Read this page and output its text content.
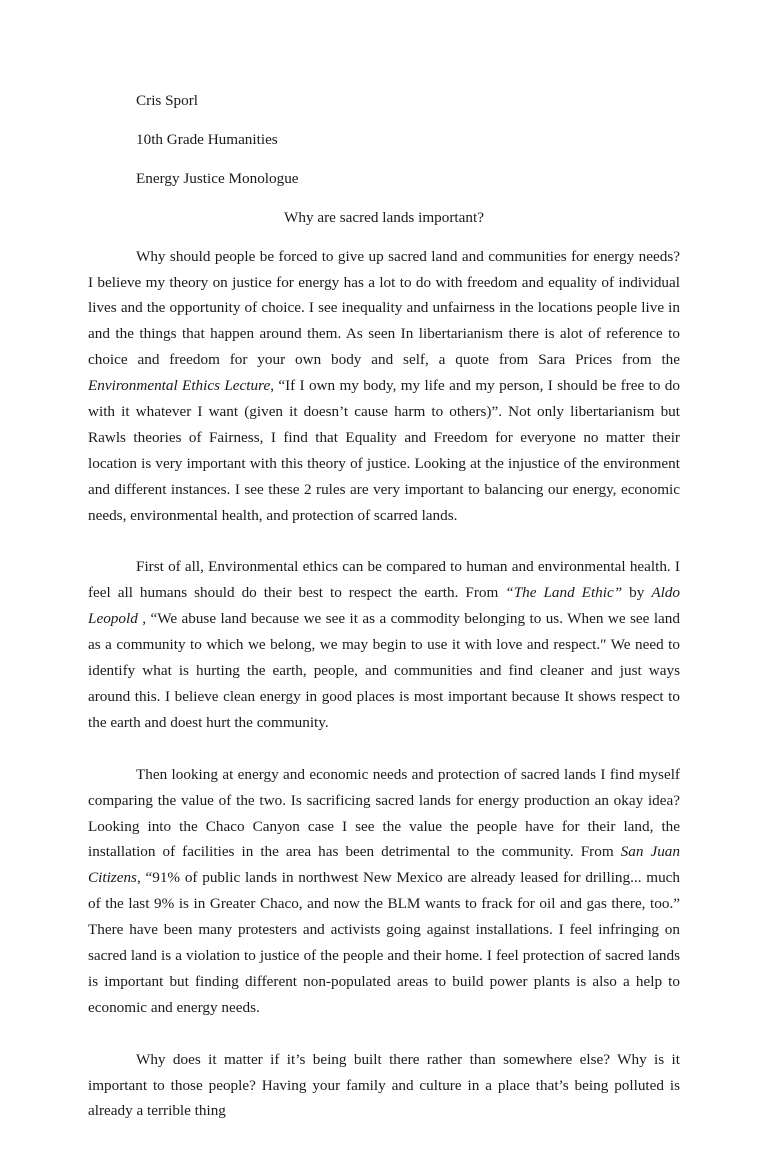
Cris Sporl
10th Grade Humanities
Energy Justice Monologue
Why are sacred lands important?

Why should people be forced to give up sacred land and communities for energy needs? I believe my theory on justice for energy has a lot to do with freedom and equality of individual lives and the opportunity of choice. I see inequality and unfairness in the locations people live in and the things that happen around them. As seen In libertarianism there is alot of reference to choice and freedom for your own body and self, a quote from Sara Prices from the Environmental Ethics Lecture, “If I own my body, my life and my person, I should be free to do with it whatever I want (given it doesn’t cause harm to others)”. Not only libertarianism but Rawls theories of Fairness, I find that Equality and Freedom for everyone no matter their location is very important with this theory of justice. Looking at the injustice of the environment and different instances. I see these 2 rules are very important to balancing our energy, economic needs, environmental health, and protection of scarred lands.

First of all, Environmental ethics can be compared to human and environmental health. I feel all humans should do their best to respect the earth. From “The Land Ethic” by Aldo Leopold , “We abuse land because we see it as a commodity belonging to us. When we see land as a community to which we belong, we may begin to use it with love and respect.″ We need to identify what is hurting the earth, people, and communities and find cleaner and just ways around this. I believe clean energy in good places is most important because It shows respect to the earth and doest hurt the community.

Then looking at energy and economic needs and protection of sacred lands I find myself comparing the value of the two. Is sacrificing sacred lands for energy production an okay idea? Looking into the Chaco Canyon case I see the value the people have for their land, the installation of facilities in the area has been detrimental to the community. From San Juan Citizens, “91% of public lands in northwest New Mexico are already leased for drilling... much of the last 9% is in Greater Chaco, and now the BLM wants to frack for oil and gas there, too.” There have been many protesters and activists going against installations. I feel infringing on sacred land is a violation to justice of the people and their home. I feel protection of sacred lands is important but finding different non-populated areas to build power plants is also a help to economic and energy needs.

Why does it matter if it’s being built there rather than somewhere else? Why is it important to those people? Having your family and culture in a place that’s being polluted is already a terrible thing
